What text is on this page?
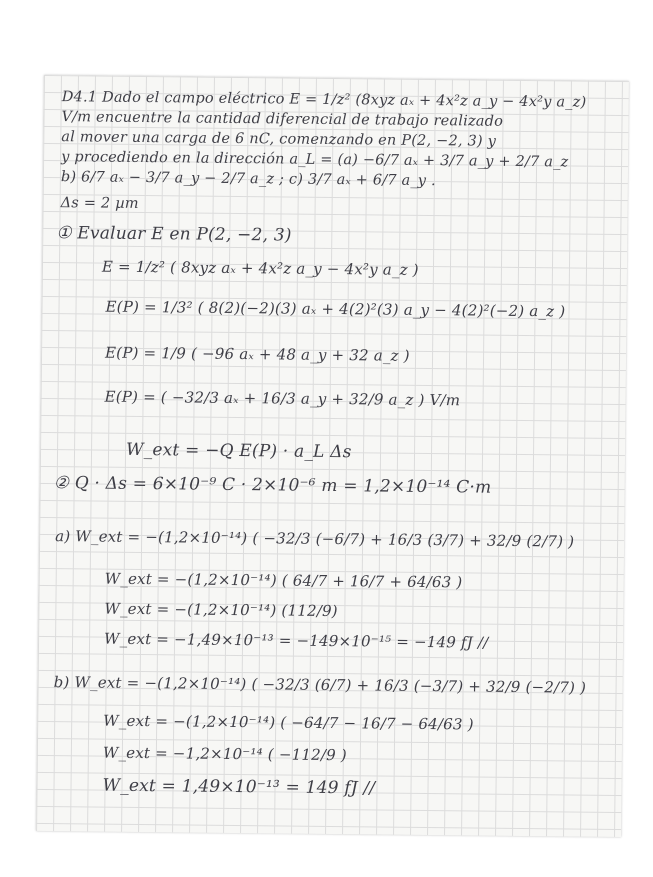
D4.1 Dado el campo eléctrico E = 1/z² (8xyz aₓ + 4x²z a_y − 4x²y a_z)
V/m encuentre la cantidad diferencial de trabajo realizado
al mover una carga de 6 nC, comenzando en P(2, −2, 3) y
y procediendo en la dirección a_L = (a) −6/7 aₓ + 3/7 a_y + 2/7 a_z
b) 6/7 aₓ − 3/7 a_y − 2/7 a_z ; c) 3/7 aₓ + 6/7 a_y .
Δs = 2 µm
① Evaluar E en P(2, −2, 3)
E = 1/z² ( 8xyz aₓ + 4x²z a_y − 4x²y a_z )
E(P) = 1/3² ( 8(2)(−2)(3) aₓ + 4(2)²(3) a_y − 4(2)²(−2) a_z )
E(P) = 1/9 ( −96 aₓ + 48 a_y + 32 a_z )
E(P) = ( −32/3 aₓ + 16/3 a_y + 32/9 a_z ) V/m
W_ext = −Q E(P) · a_L Δs
② Q · Δs = 6×10⁻⁹ C · 2×10⁻⁶ m = 1,2×10⁻¹⁴ C·m
a) W_ext = −(1,2×10⁻¹⁴) ( −32/3 (−6/7) + 16/3 (3/7) + 32/9 (2/7) )
W_ext = −(1,2×10⁻¹⁴) ( 64/7 + 16/7 + 64/63 )
W_ext = −(1,2×10⁻¹⁴) (112/9)
W_ext = −1,49×10⁻¹³ = −149×10⁻¹⁵ = −149 fJ //
b) W_ext = −(1,2×10⁻¹⁴) ( −32/3 (6/7) + 16/3 (−3/7) + 32/9 (−2/7) )
W_ext = −(1,2×10⁻¹⁴) ( −64/7 − 16/7 − 64/63 )
W_ext = −1,2×10⁻¹⁴ ( −112/9 )
W_ext = 1,49×10⁻¹³ = 149 fJ //
